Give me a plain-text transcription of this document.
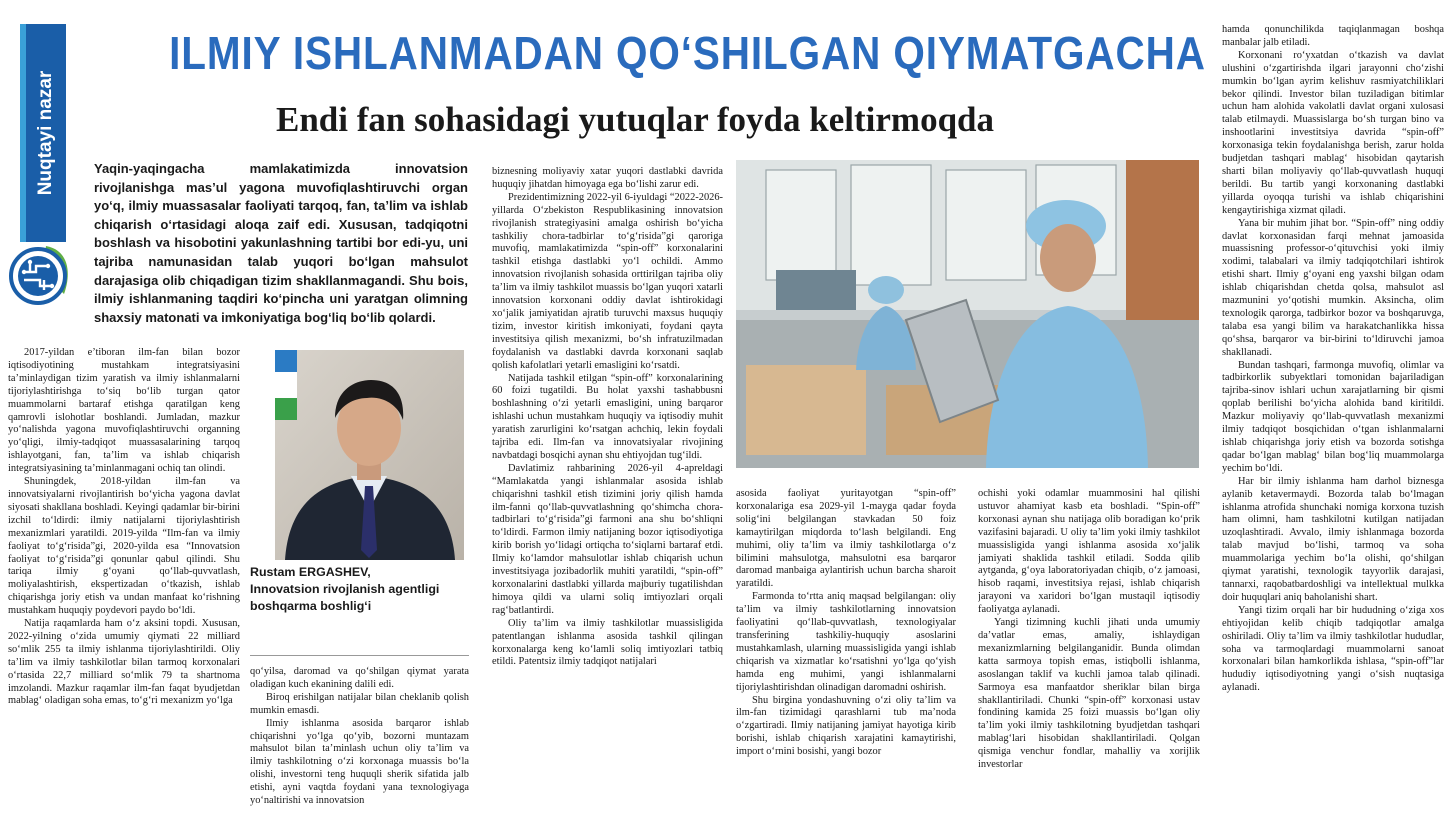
Nuqtayi nazar
ILMIY ISHLANMADAN QO‘SHILGAN QIYMATGACHA
Endi fan sohasidagi yutuqlar foyda keltirmoqda
Yaqin-yaqingacha mamlakatimizda innovatsion rivojlanishga mas’ul yagona muvofiqlashtiruvchi organ yo‘q, ilmiy muassasalar faoliyati tarqoq, fan, ta’lim va ishlab chiqarish o‘rtasidagi aloqa zaif edi. Xususan, tadqiqotni boshlash va hisobotini yakunlashning tartibi bor edi-yu, uni tajriba namunasidan talab yuqori bo‘lgan mahsulot darajasiga olib chiqadigan tizim shakllanmagandi. Shu bois, ilmiy ishlanmaning taqdiri ko‘pincha uni yaratgan olimning shaxsiy matonati va imkoniyatiga bog‘liq bo‘lib qolardi.
Rustam ERGASHEV,
Innovatsion rivojlanish agentligi boshqarma boshlig‘i

2017-yildan e’tiboran ilm-fan bilan bozor iqtisodiyotining mustahkam integratsiyasini ta’minlaydigan tizim yaratish va ilmiy ishlanmalarni tijoriylashtirishga to‘siq bo‘lib turgan qator muammolarni bartaraf etishga qaratilgan keng qamrovli islohotlar boshlandi. Jumladan, mazkur yo‘nalishda yagona muvofiqlashtiruvchi organning yo‘qligi, ilmiy-tadqiqot muassasalarining tarqoq ishlayotgani, fan, ta’lim va ishlab chiqarish integratsiyasining ta’minlanmagani ochiq tan olindi.

Shuningdek, 2018-yildan ilm-fan va innovatsiyalarni rivojlantirish bo‘yicha yagona davlat siyosati shakllana boshladi. Keyingi qadamlar bir-birini izchil to‘ldirdi: ilmiy natijalarni tijoriylashtirish mexanizmlari yaratildi. 2019-yilda “Ilm-fan va ilmiy faoliyat to‘g‘risida”gi, 2020-yilda esa “Innovatsion faoliyat to‘g‘risida”gi qonunlar qabul qilindi. Shu tariqa ilmiy g‘oyani qo‘llab-quvvatlash, moliyalashtirish, ekspertizadan o‘tkazish, ishlab chiqarishga joriy etish va undan manfaat ko‘rishning mustahkam huquqiy poydevori paydo bo‘ldi.

Natija raqamlarda ham o‘z aksini topdi. Xususan, 2022-yilning o‘zida umumiy qiymati 22 milliard so‘mlik 255 ta ilmiy ishlanma tijoriylashtirildi. Oliy ta’lim va ilmiy tashkilotlar bilan tarmoq korxonalari o‘rtasida 22,7 milliard so‘mlik 79 ta shartnoma imzolandi. Mazkur raqamlar ilm-fan faqat byudjetdan mablag‘ oladigan soha emas, to‘g‘ri mexanizm yo‘lga

qo‘yilsa, daromad va qo‘shilgan qiymat yarata oladigan kuch ekanining dalili edi.

Biroq erishilgan natijalar bilan cheklanib qolish mumkin emasdi.

Ilmiy ishlanma asosida barqaror ishlab chiqarishni yo‘lga qo‘yib, bozorni muntazam mahsulot bilan ta’minlash uchun oliy ta’lim va ilmiy tashkilotning o‘zi korxonaga muassis bo‘la olishi, investorni teng huquqli sherik sifatida jalb etishi, ayni vaqtda foydani yana texnologiyaga yo‘naltirishi va innovatsion

biznesning moliyaviy xatar yuqori dastlabki davrida huquqiy jihatdan himoyaga ega bo‘lishi zarur edi.

Prezidentimizning 2022-yil 6-iyuldagi “2022-2026-yillarda O‘zbekiston Respublikasining innovatsion rivojlanish strategiyasini amalga oshirish bo‘yicha tashkiliy chora-tadbirlar to‘g‘risida”gi qaroriga muvofiq, mamlakatimizda “spin-off” korxonalarini tashkil etishga dastlabki yo‘l ochildi. Ammo innovatsion rivojlanish sohasida orttirilgan tajriba oliy ta’lim va ilmiy tashkilot muassis bo‘lgan yuqori xatarli innovatsion korxonani oddiy davlat ishtirokidagi xo‘jalik jamiyatidan ajratib turuvchi maxsus huquqiy tizim, investor kiritish imkoniyati, foydani qayta investitsiya qilish mexanizmi, bo‘sh infratuzilmadan foydalanish va dastlabki davrda korxonani saqlab qolish kafolatlari yetarli emasligini ko‘rsatdi.

Natijada tashkil etilgan “spin-off” korxonalarining 60 foizi tugatildi. Bu holat yaxshi tashabbusni boshlashning o‘zi yetarli emasligini, uning barqaror ishlashi uchun mustahkam huquqiy va iqtisodiy muhit yaratish zarurligini ko‘rsatgan achchiq, lekin foydali tajriba edi. Ilm-fan va innovatsiyalar rivojining navbatdagi bosqichi aynan shu ehtiyojdan tug‘ildi.

Davlatimiz rahbarining 2026-yil 4-apreldagi “Mamlakatda yangi ishlanmalar asosida ishlab chiqarishni tashkil etish tizimini joriy qilish hamda ilm-fanni qo‘llab-quvvatlashning qo‘shimcha chora-tadbirlari to‘g‘risida”gi farmoni ana shu bo‘shliqni to‘ldirdi. Farmon ilmiy natijaning bozor iqtisodiyotiga kirib borish yo‘lidagi ortiqcha to‘siqlarni bartaraf etdi. Ilmiy ko‘lamdor mahsulotlar ishlab chiqarish uchun investitsiyaga jozibadorlik muhiti yaratildi, “spin-off” korxonalarini dastlabki yillarda majburiy tugatilishdan himoya qildi va ularni soliq imtiyozlari orqali rag‘batlantirdi.

Oliy ta’lim va ilmiy tashkilotlar muassisligida patentlangan ishlanma asosida tashkil qilingan korxonalarga keng ko‘lamli soliq imtiyozlari tatbiq etildi. Patentsiz ilmiy tadqiqot natijalari

asosida faoliyat yuritayotgan “spin-off” korxonalariga esa 2029-yil 1-mayga qadar foyda solig‘ini belgilangan stavkadan 50 foiz kamaytirilgan miqdorda to‘lash belgilandi. Eng muhimi, oliy ta’lim va ilmiy tashkilotlarga o‘z bilimini mahsulotga, mahsulotni esa barqaror daromad manbaiga aylantirish uchun barcha sharoit yaratildi.

Farmonda to‘rtta aniq maqsad belgilangan: oliy ta’lim va ilmiy tashkilotlarning innovatsion faoliyatini qo‘llab-quvvatlash, texnologiyalar transferining tashkiliy-huquqiy asoslarini mustahkamlash, ularning muassisligida yangi ishlab chiqarish va xizmatlar ko‘rsatishni yo‘lga qo‘yish hamda eng muhimi, yangi ishlanmalarni tijoriylashtirishdan olinadigan daromadni oshirish.

Shu birgina yondashuvning o‘zi oliy ta’lim va ilm-fan tizimidagi qarashlarni tub ma’noda o‘zgartiradi. Ilmiy natijaning jamiyat hayotiga kirib borishi, ishlab chiqarish xarajatini kamaytirishi, import o‘rnini bosishi, yangi bozor

ochishi yoki odamlar muammosini hal qilishi ustuvor ahamiyat kasb eta boshladi. “Spin-off” korxonasi aynan shu natijaga olib boradigan ko‘prik vazifasini bajaradi. U oliy ta’lim yoki ilmiy tashkilot muassisligida yangi ishlanma asosida xo‘jalik jamiyati shaklida tashkil etiladi. Sodda qilib aytganda, g‘oya laboratoriyadan chiqib, o‘z jamoasi, hisob raqami, investitsiya rejasi, ishlab chiqarish jarayoni va xaridori bo‘lgan mustaqil iqtisodiy faoliyatga aylanadi.

Yangi tizimning kuchli jihati unda umumiy da’vatlar emas, amaliy, ishlaydigan mexanizmlarning belgilanganidir. Bunda olimdan katta sarmoya topish emas, istiqbolli ishlanma, asoslangan taklif va kuchli jamoa talab qilinadi. Sarmoya esa manfaatdor sheriklar bilan birga shakllantiriladi. Chunki “spin-off” korxonasi ustav fondining kamida 25 foizi muassis bo‘lgan oliy ta’lim yoki ilmiy tashkilotning byudjetdan tashqari mablag‘lari hisobidan shakllantiriladi. Qolgan qismiga venchur fondlar, mahalliy va xorijlik investorlar

hamda qonunchilikda taqiqlanmagan boshqa manbalar jalb etiladi.

Korxonani ro‘yxatdan o‘tkazish va davlat ulushini o‘zgartirishda ilgari jarayonni cho‘zishi mumkin bo‘lgan ayrim kelishuv rasmiyatchiliklari bekor qilindi. Investor bilan tuziladigan bitimlar uchun ham alohida vakolatli davlat organi xulosasi talab etilmaydi. Muassislarga bo‘sh turgan bino va inshootlarini investitsiya davrida “spin-off” korxonasiga tekin foydalanishga berish, zarur holda budjetdan tashqari mablag‘ hisobidan qaytarish sharti bilan moliyaviy qo‘llab-quvvatlash huquqi berildi. Bu tartib yangi korxonaning dastlabki yillarda oyoqqa turishi va ishlab chiqarishini kengaytirishiga xizmat qiladi.

Yana bir muhim jihat bor. “Spin-off” ning oddiy davlat korxonasidan farqi mehnat jamoasida muassisning professor-o‘qituvchisi yoki ilmiy xodimi, talabalari va ilmiy tadqiqotchilari ishtirok etishi shart. Ilmiy g‘oyani eng yaxshi bilgan odam ishlab chiqarishdan chetda qolsa, mahsulot asl mazmunini yo‘qotishi mumkin. Aksincha, olim texnologik qarorga, tadbirkor bozor va boshqaruvga, talaba esa yangi bilim va harakatchanlikka hissa qo‘shsa, barqaror va bir-birini to‘ldiruvchi jamoa shakllanadi.

Bundan tashqari, farmonga muvofiq, olimlar va tadbirkorlik subyektlari tomonidan bajariladigan tajriba-sinov ishlari uchun xarajatlarning bir qismi qoplab berilishi bo‘yicha alohida band kiritildi. Mazkur moliyaviy qo‘llab-quvvatlash mexanizmi ilmiy tadqiqot bosqichidan o‘tgan ishlanmalarni ishlab chiqarishga joriy etish va bozorda sotishga qadar bo‘lgan mablag‘ bilan bog‘liq muammolarga yechim bo‘ldi.

Har bir ilmiy ishlanma ham darhol biznesga aylanib ketavermaydi. Bozorda talab bo‘lmagan ishlanma atrofida shunchaki nomiga korxona tuzish ham olimni, ham tashkilotni kutilgan natijadan uzoqlashtiradi. Avvalo, ilmiy ishlanmaga bozorda talab mavjud bo‘lishi, tarmoq va soha muammolariga yechim bo‘la olishi, qo‘shilgan qiymat yaratishi, texnologik tayyorlik darajasi, tannarxi, raqobatbardoshligi va intellektual mulkka doir huquqlari aniq baholanishi shart.

Yangi tizim orqali har bir hududning o‘ziga xos ehtiyojidan kelib chiqib tadqiqotlar amalga oshiriladi. Oliy ta’lim va ilmiy tashkilotlar hududlar, soha va tarmoqlardagi muammolarni sanoat korxonalari bilan hamkorlikda ishlasa, “spin-off”lar hududiy iqtisodiyotning yangi o‘sish nuqtasiga aylanadi.
